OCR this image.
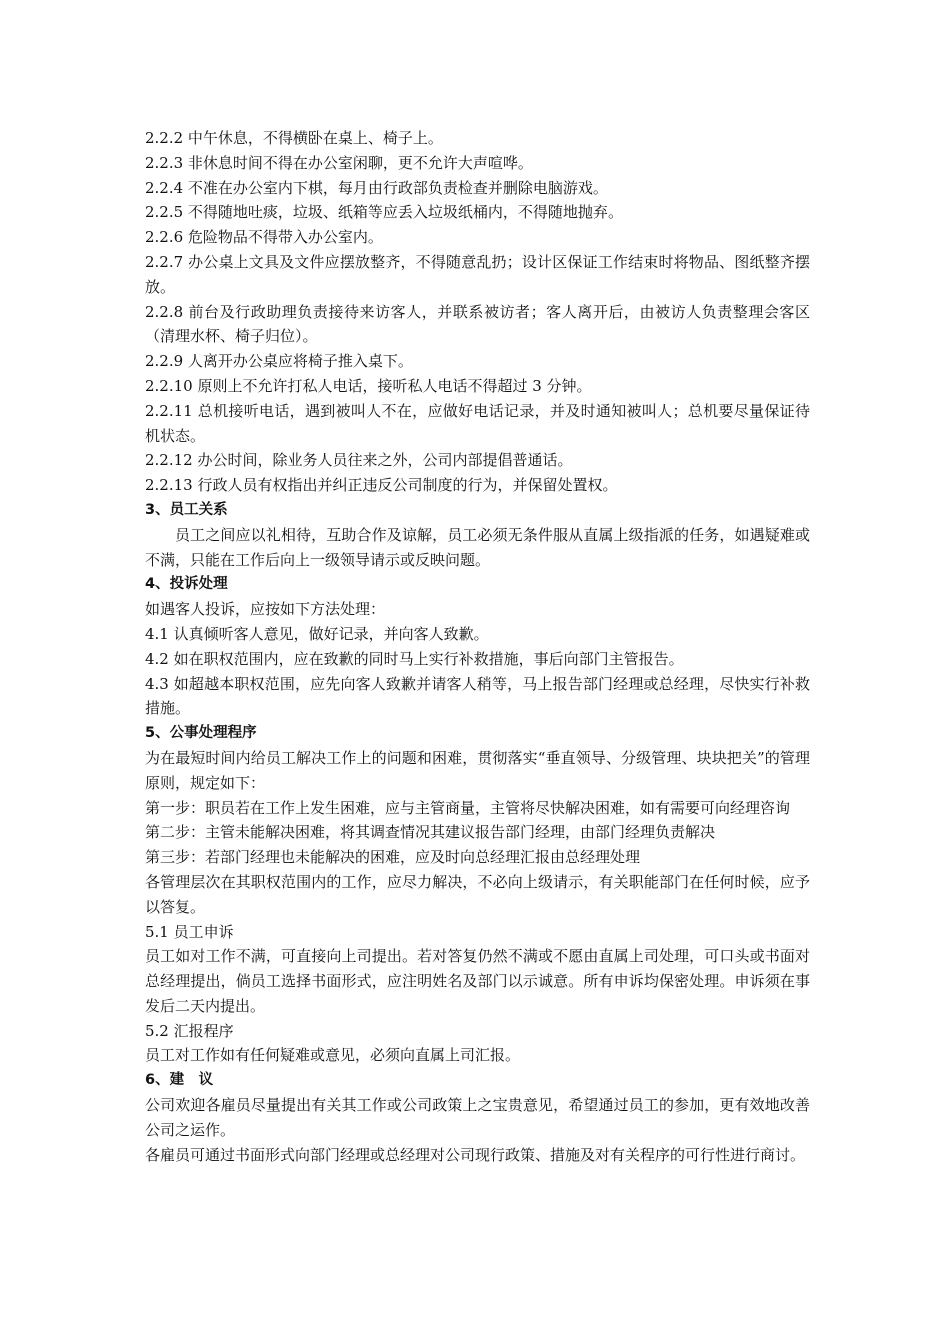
2.2.2 中午休息，不得横卧在桌上、椅子上。

2.2.3 非休息时间不得在办公室闲聊，更不允许大声喧哗。

2.2.4 不准在办公室内下棋，每月由行政部负责检查并删除电脑游戏。

2.2.5 不得随地吐痰，垃圾、纸箱等应丢入垃圾纸桶内，不得随地抛弃。

2.2.6 危险物品不得带入办公室内。

2.2.7 办公桌上文具及文件应摆放整齐，不得随意乱扔；设计区保证工作结束时将物品、图纸整齐摆放。

2.2.8 前台及行政助理负责接待来访客人，并联系被访者；客人离开后，由被访人负责整理会客区（清理水杯、椅子归位）。

2.2.9 人离开办公桌应将椅子推入桌下。

2.2.10 原则上不允许打私人电话，接听私人电话不得超过 3 分钟。

2.2.11 总机接听电话，遇到被叫人不在，应做好电话记录，并及时通知被叫人；总机要尽量保证待机状态。

2.2.12 办公时间，除业务人员往来之外，公司内部提倡普通话。

2.2.13 行政人员有权指出并纠正违反公司制度的行为，并保留处置权。

3、员工关系

员工之间应以礼相待，互助合作及谅解，员工必须无条件服从直属上级指派的任务，如遇疑难或不满，只能在工作后向上一级领导请示或反映问题。

4、投诉处理

如遇客人投诉，应按如下方法处理：

4.1 认真倾听客人意见，做好记录，并向客人致歉。

4.2 如在职权范围内，应在致歉的同时马上实行补救措施，事后向部门主管报告。

4.3 如超越本职权范围，应先向客人致歉并请客人稍等，马上报告部门经理或总经理，尽快实行补救措施。

5、公事处理程序

为在最短时间内给员工解决工作上的问题和困难，贯彻落实“垂直领导、分级管理、块块把关”的管理原则，规定如下：

第一步：职员若在工作上发生困难，应与主管商量，主管将尽快解决困难，如有需要可向经理咨询

第二步：主管未能解决困难，将其调查情况其建议报告部门经理，由部门经理负责解决

第三步：若部门经理也未能解决的困难，应及时向总经理汇报由总经理处理

各管理层次在其职权范围内的工作，应尽力解决，不必向上级请示，有关职能部门在任何时候，应予以答复。

5.1 员工申诉

员工如对工作不满，可直接向上司提出。若对答复仍然不满或不愿由直属上司处理，可口头或书面对总经理提出，倘员工选择书面形式，应注明姓名及部门以示诚意。所有申诉均保密处理。申诉须在事发后二天内提出。

5.2 汇报程序

员工对工作如有任何疑难或意见，必须向直属上司汇报。

6、建　议

公司欢迎各雇员尽量提出有关其工作或公司政策上之宝贵意见，希望通过员工的参加，更有效地改善公司之运作。

各雇员可通过书面形式向部门经理或总经理对公司现行政策、措施及对有关程序的可行性进行商讨。
